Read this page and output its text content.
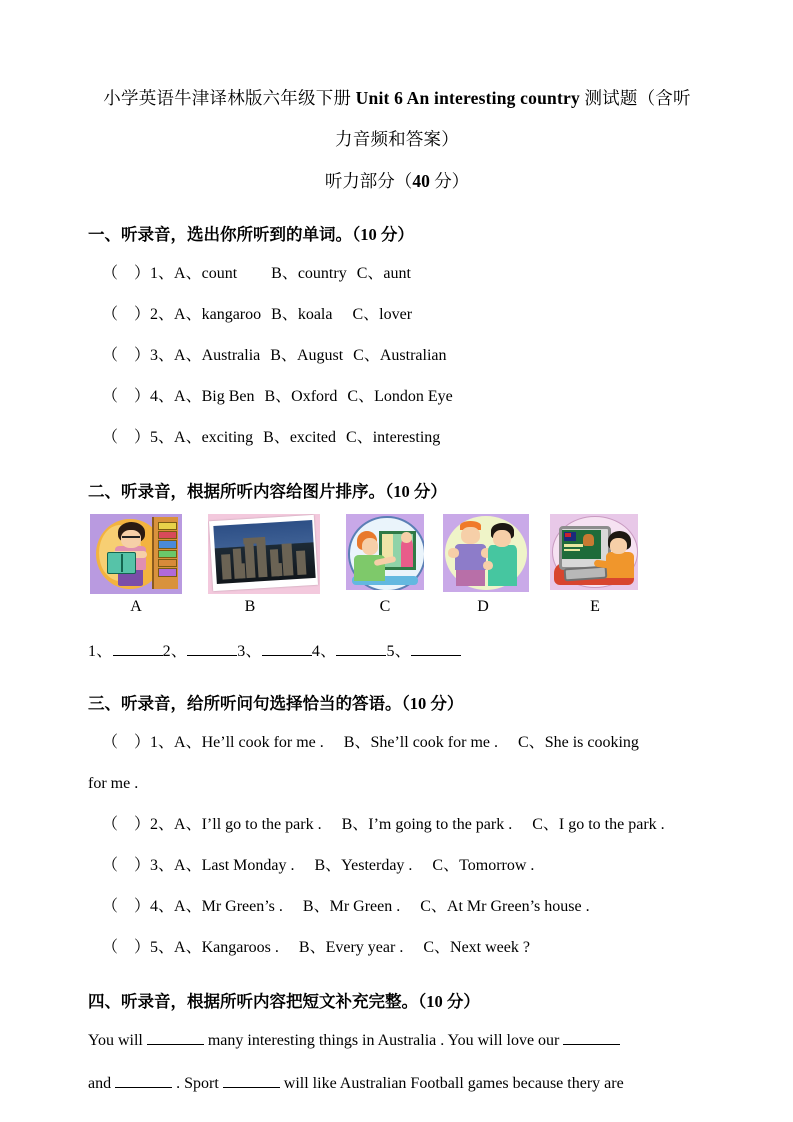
小学英语牛津译林版六年级下册 Unit 6 An interesting country 测试题（含听
力音频和答案）
听力部分（40 分）
一、听录音，选出你所听到的单词。（10 分）
（　）1、A、count B、country C、aunt
（　）2、A、kangaroo B、koala C、lover
（　）3、A、Australia B、August C、Australian
（　）4、A、Big Ben B、Oxford C、London Eye
（　）5、A、exciting B、excited C、interesting
二、听录音，根据所听内容给图片排序。（10 分）
A	B	C	D	E
1、	2、	3、	4、	5、
三、听录音，给所听问句选择恰当的答语。（10 分）
（　）1、A、He’ll cook for me . B、She’ll cook for me . C、She is cooking
for me .
（　）2、A、I’ll go to the park . B、I’m going to the park . C、I go to the park .
（　）3、A、Last Monday . B、Yesterday . C、Tomorrow .
（　）4、A、Mr Green’s . B、Mr Green . C、At Mr Green’s house .
（　）5、A、Kangaroos . B、Every year . C、Next week ?
四、听录音，根据所听内容把短文补充完整。（10 分）
You will	many interesting things in Australia . You will love our
and	. Sport	will like Australian Football games because thery are
